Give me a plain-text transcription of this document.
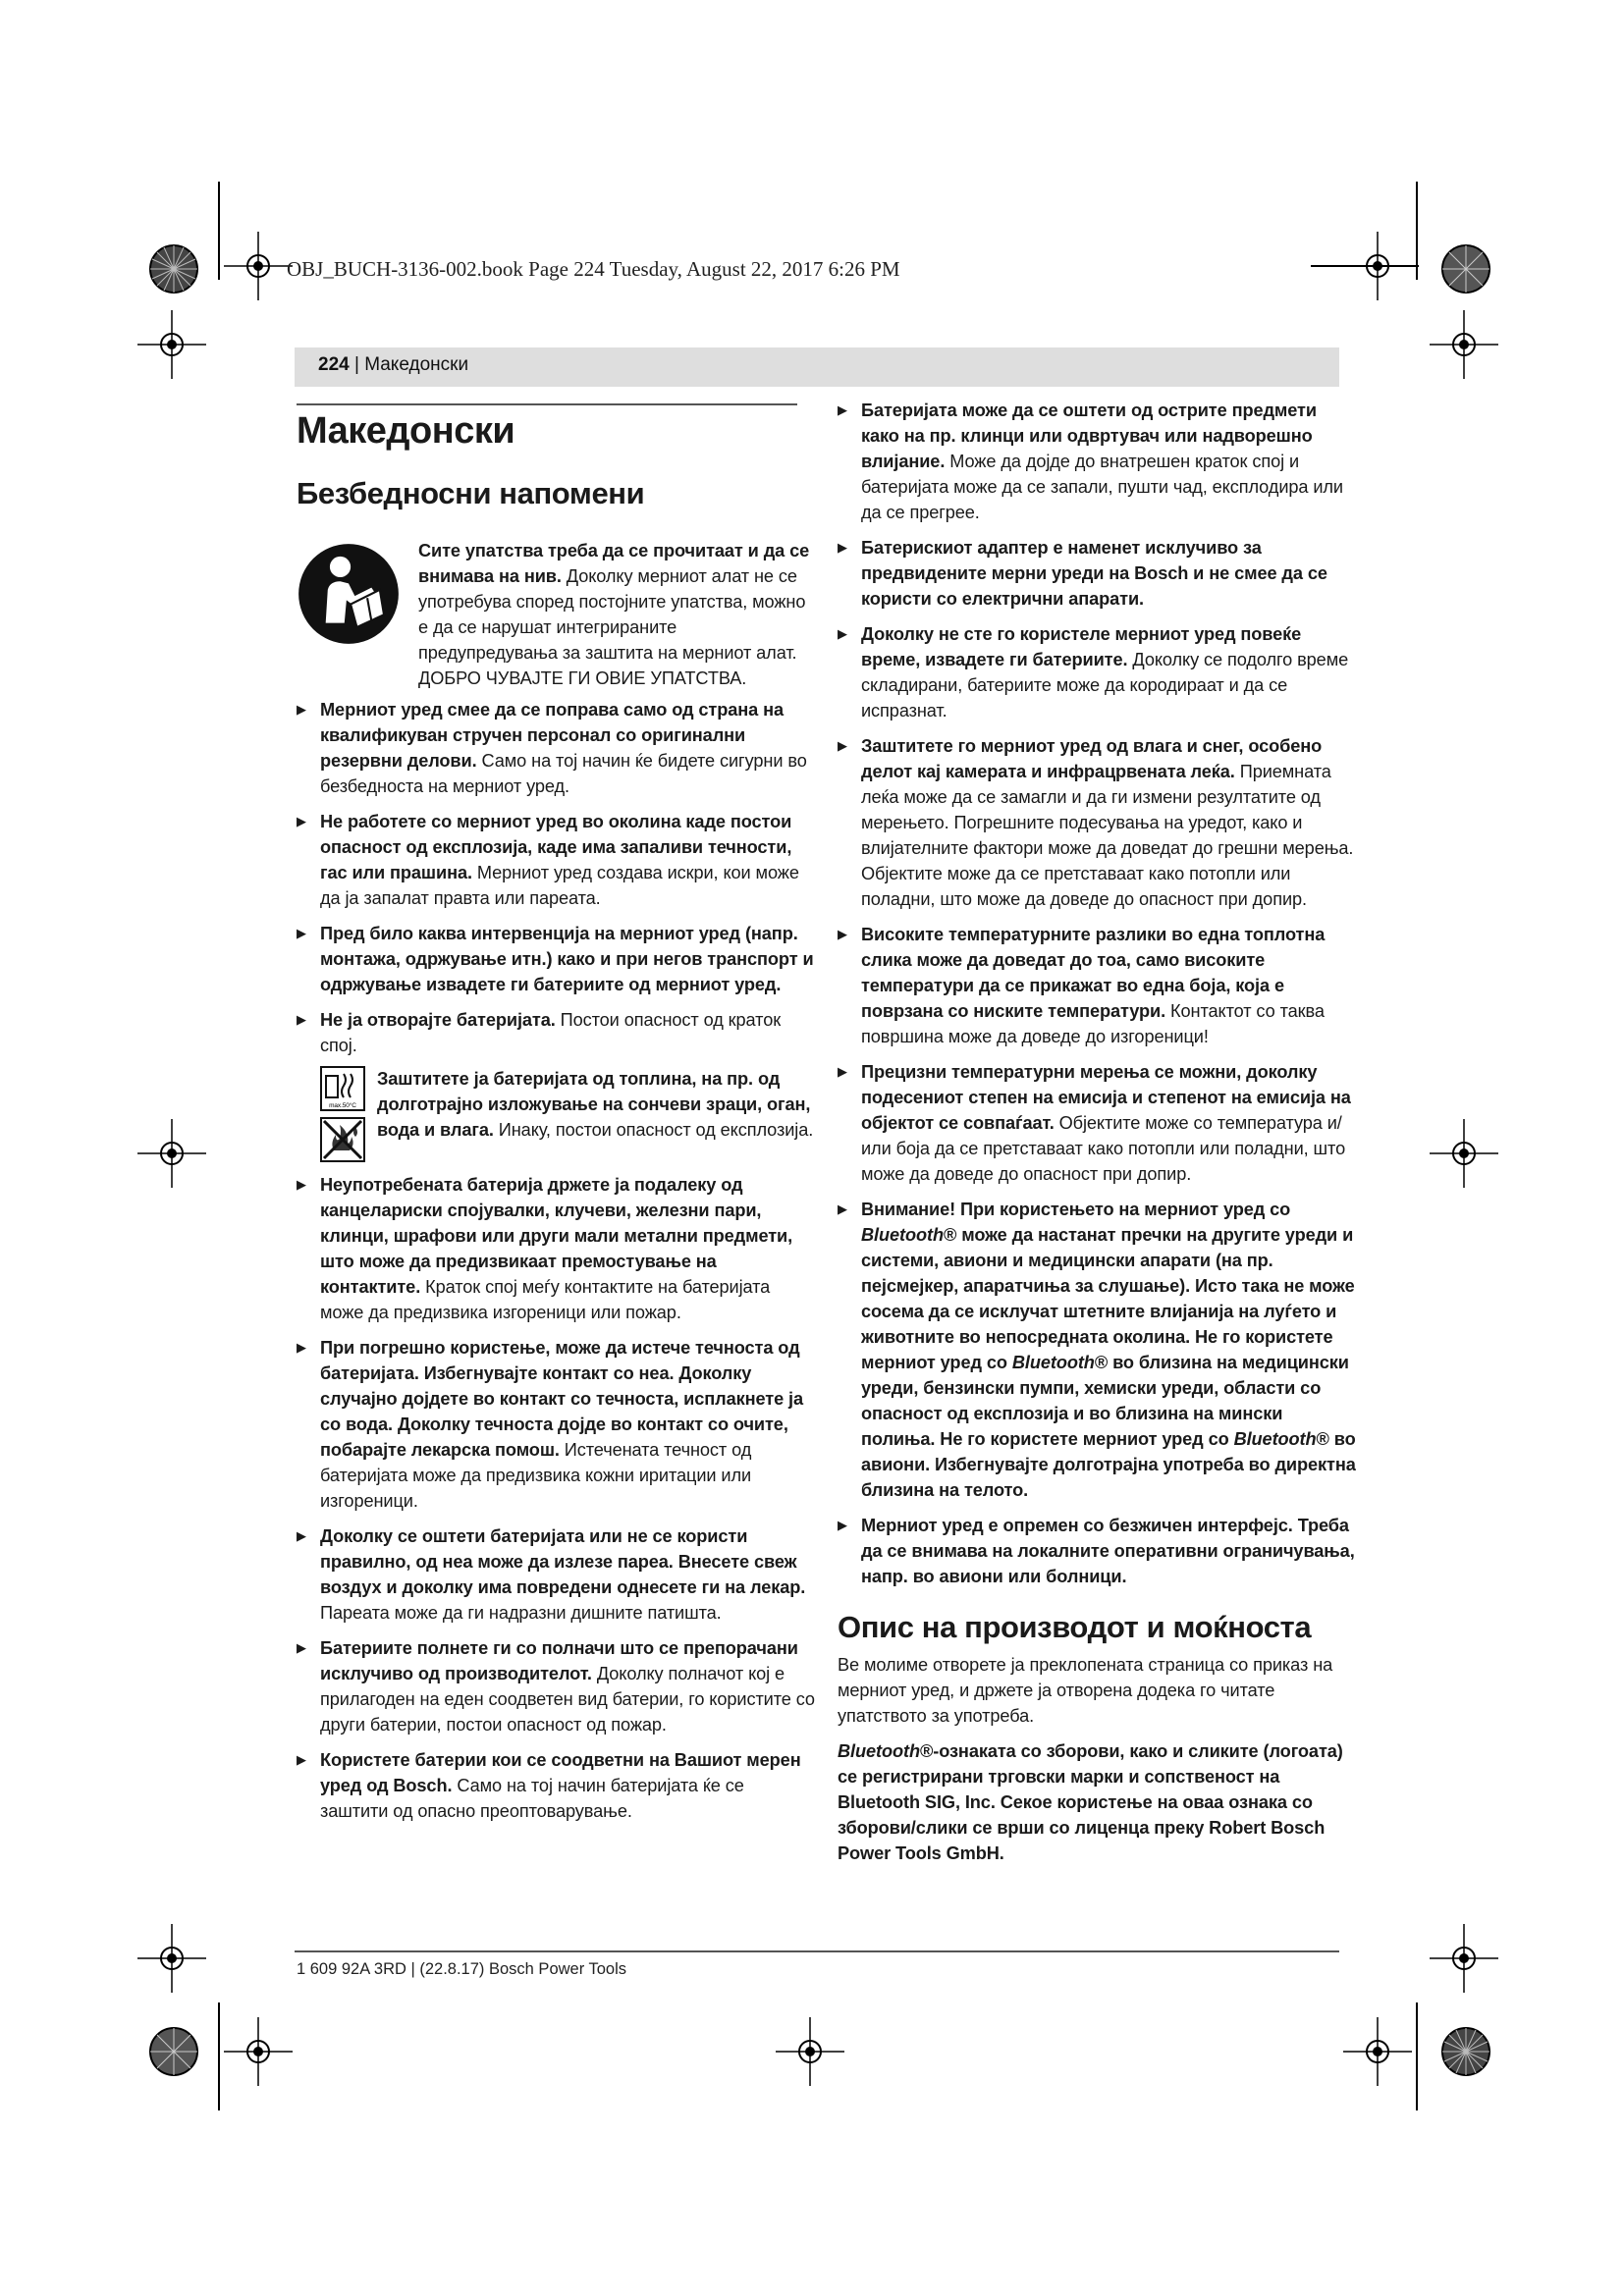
OBJ_BUCH-3136-002.book Page 224 Tuesday, August 22, 2017 6:26 PM
224 | Македонски
Македонски
Безбедносни напомени
Сите упатства треба да се прочитаат и да се внимава на нив. Доколку мерниот алат не се употребува според постојните упатства, можно е да се нарушат интегрираните предупредувања за заштита на мерниот алат. ДОБРО ЧУВАЈТЕ ГИ ОВИЕ УПАТСТВА.
▶ Мерниот уред смее да се поправа само од страна на квалификуван стручен персонал со оригинални резервни делови. Само на тој начин ќе бидете сигурни во безбедноста на мерниот уред.
▶ Не работете со мерниот уред во околина каде постои опасност од експлозија, каде има запаливи течности, гас или прашина. Мерниот уред создава искри, кои може да ја запалат правта или пареата.
▶ Пред било каква интервенција на мерниот уред (напр. монтажа, одржување итн.) како и при негов транспорт и одржување извадете ги батериите од мерниот уред.
▶ Не ја отворајте батеријата. Постои опасност од краток спој.
max.50°C
Заштитете ја батеријата од топлина, на пр. од долготрајно изложување на сончеви зраци, оган, вода и влага. Инаку, постои опасност од експлозија.
▶ Неупотребената батерија држете ја подалеку од канцелариски спојувалки, клучеви, железни пари, клинци, шрафови или други мали метални предмети, што може да предизвикаат премостување на контактите. Краток спој меѓу контактите на батеријата може да предизвика изгореници или пожар.
▶ При погрешно користење, може да истече течноста од батеријата. Избегнувајте контакт со неа. Доколку случајно дојдете во контакт со течноста, исплакнете ја со вода. Доколку течноста дојде во контакт со очите, побарајте лекарска помош. Истечената течност од батеријата може да предизвика кожни иритации или изгореници.
▶ Доколку се оштети батеријата или не се користи правилно, од неа може да излезе пареа. Внесете свеж воздух и доколку има повредени однесете ги на лекар. Пареата може да ги надразни дишните патишта.
▶ Батериите полнете ги со полначи што се препорачани исклучиво од производителот. Доколку полначот кој е прилагоден на еден соодветен вид батерии, го користите со други батерии, постои опасност од пожар.
▶ Користете батерии кои се соодветни на Вашиот мерен уред од Bosch. Само на тој начин батеријата ќе се заштити од опасно преоптоварување.
▶ Батеријата може да се оштети од острите предмети како на пр. клинци или одвртувач или надворешно влијание. Може да дојде до внатрешен краток спој и батеријата може да се запали, пушти чад, експлодира или да се прегрее.
▶ Батерискиот адаптер е наменет исклучиво за предвидените мерни уреди на Bosch и не смее да се користи со електрични апарати.
▶ Доколку не сте го користеле мерниот уред повеќе време, извадете ги батериите. Доколку се подолго време складирани, батериите може да кородираат и да се испразнат.
▶ Заштитете го мерниот уред од влага и снег, особено делот кај камерата и инфрацрвената леќа. Приемната леќа може да се замагли и да ги измени резултатите од мерењето. Погрешните подесувања на уредот, како и влијателните фактори може да доведат до грешни мерења. Објектите може да се претставаат како потопли или поладни, што може да доведе до опасност при допир.
▶ Високите температурните разлики во една топлотна слика може да доведат до тоа, само високите температури да се прикажат во една боја, која е поврзана со ниските температури. Контактот со таква површина може да доведе до изгореници!
▶ Прецизни температурни мерења се можни, доколку подесениот степен на емисија и степенот на емисија на објектот се совпаѓаат. Објектите може со температура и/или боја да се претставаат како потопли или поладни, што може да доведе до опасност при допир.
▶ Внимание! При користењето на мерниот уред со Bluetooth® може да настанат пречки на другите уреди и системи, авиони и медицински апарати (на пр. пејсмејкер, апаратчиња за слушање). Исто така не може сосема да се исклучат штетните влијанија на луѓето и животните во непосредната околина. Не го користете мерниот уред со Bluetooth® во близина на медицински уреди, бензински пумпи, хемиски уреди, области со опасност од експлозија и во близина на мински полиња. Не го користете мерниот уред со Bluetooth® во авиони. Избегнувајте долготрајна употреба во директна близина на телото.
▶ Мерниот уред е опремен со безжичен интерфејс. Треба да се внимава на локалните оперативни ограничувања, напр. во авиони или болници.
Опис на производот и моќноста
Ве молиме отворете ја преклопената страница со приказ на мерниот уред, и држете ја отворена додека го читате упатството за употреба.
Bluetooth®-ознаката со зборови, како и сликите (логоата) се регистрирани трговски марки и сопственост на Bluetooth SIG, Inc. Секое користење на оваа ознака со зборови/слики се врши со лиценца преку Robert Bosch Power Tools GmbH.
1 609 92A 3RD | (22.8.17) Bosch Power Tools
